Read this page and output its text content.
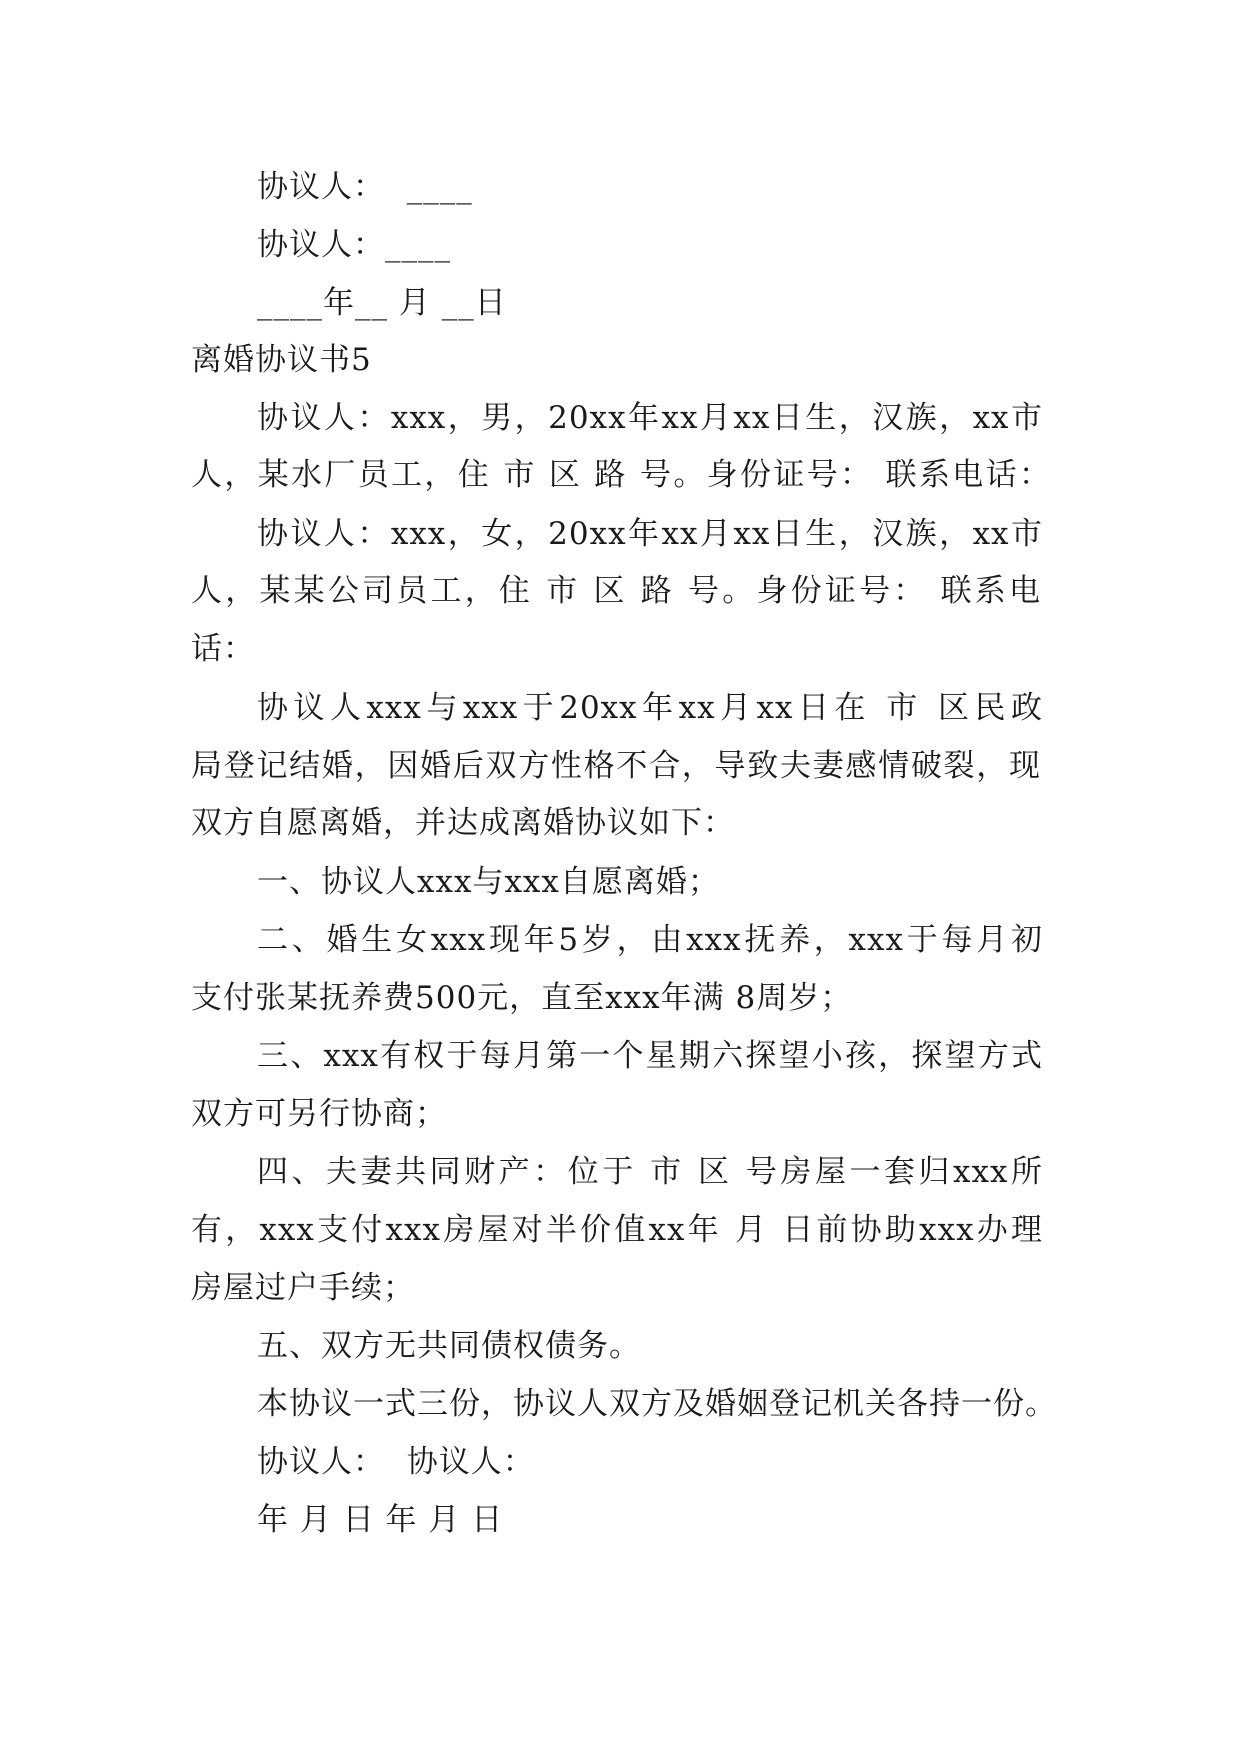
协议人：  ____
协议人：____
____年__ 月 __日
离婚协议书5
协议人：xxx，男，20xx年xx月xx日生，汉族，xx市
人，某水厂员工，住 市 区 路 号。身份证号： 联系电话：
协议人：xxx，女，20xx年xx月xx日生，汉族，xx市
人，某某公司员工，住 市 区 路 号。身份证号： 联系电
话：
协议人xxx与xxx于20xx年xx月xx日在 市 区民政
局登记结婚，因婚后双方性格不合，导致夫妻感情破裂，现
双方自愿离婚，并达成离婚协议如下：
一、协议人xxx与xxx自愿离婚；
二、婚生女xxx现年5岁，由xxx抚养，xxx于每月初
支付张某抚养费500元，直至xxx年满 8周岁；
三、xxx有权于每月第一个星期六探望小孩，探望方式
双方可另行协商；
四、夫妻共同财产：位于 市 区 号房屋一套归xxx所
有，xxx支付xxx房屋对半价值xx年 月 日前协助xxx办理
房屋过户手续；
五、双方无共同债权债务。
本协议一式三份，协议人双方及婚姻登记机关各持一份。
协议人：  协议人：
年 月 日 年 月 日
